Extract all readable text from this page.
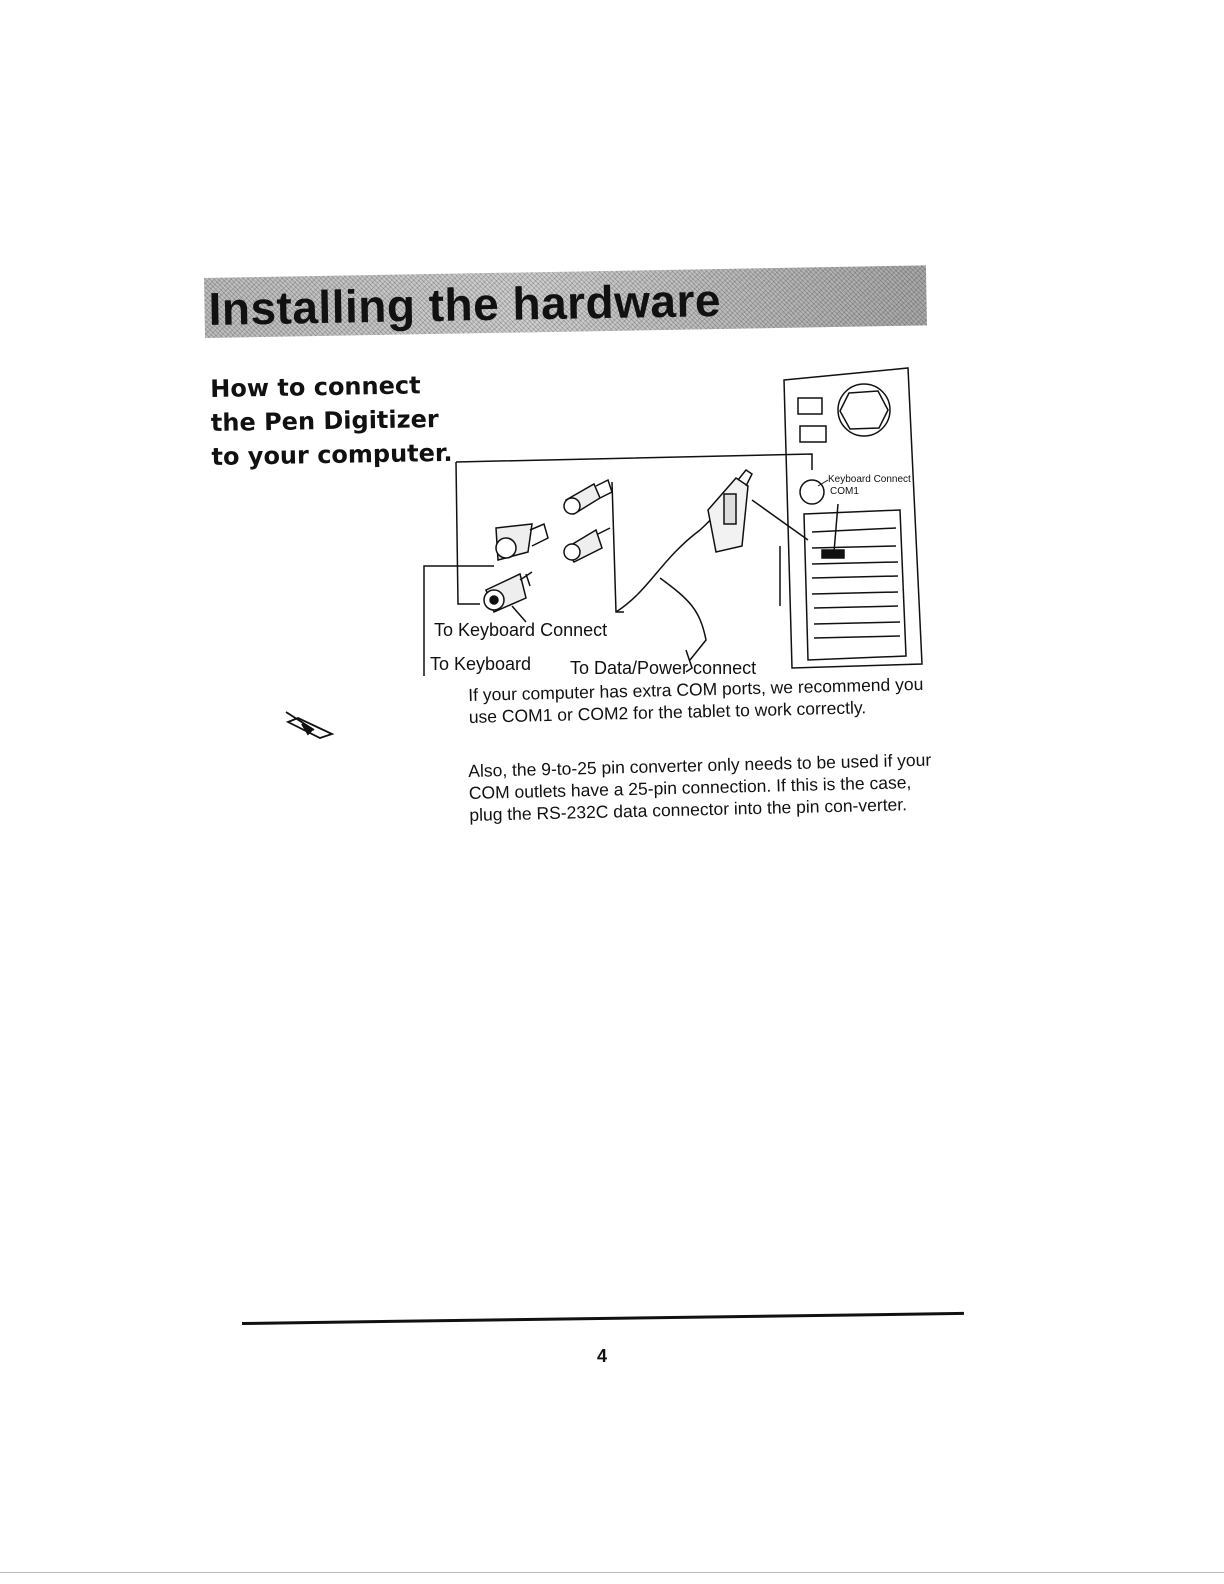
Installing the hardware
How to connect
the Pen Digitizer
to your computer.
Keyboard Connect
COM1
To Keyboard Connect
To Keyboard To Data/Power connect
If your computer has extra COM ports, we recommend you use COM1 or COM2 for the tablet to work correctly.
Also, the 9-to-25 pin converter only needs to be used if your COM outlets have a 25-pin connection. If this is the case, plug the RS-232C data connector into the pin con-verter.
4
